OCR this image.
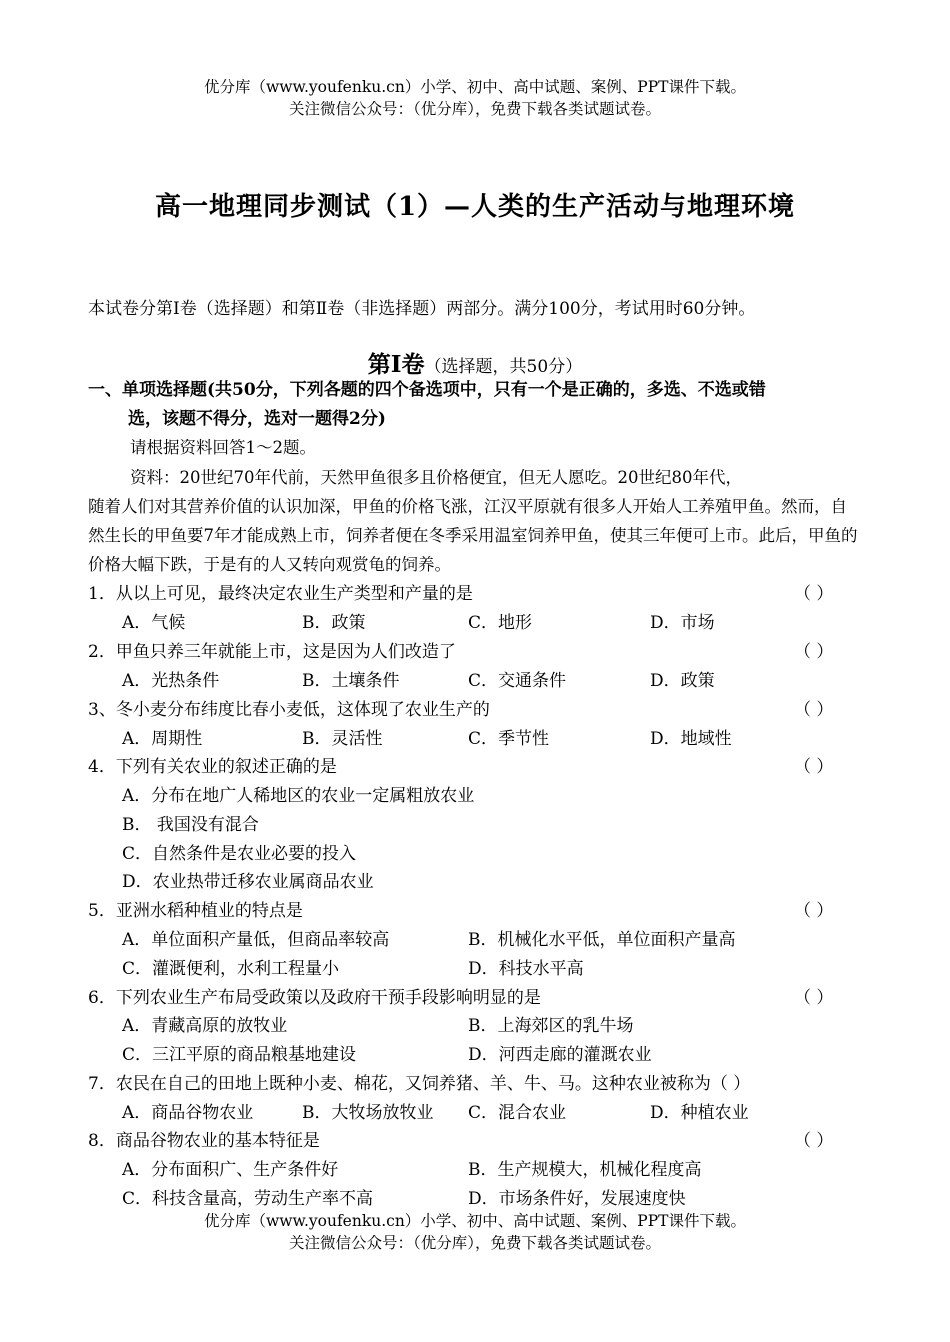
优分库（www.youfenku.cn）小学、初中、高中试题、案例、PPT课件下载。
关注微信公众号：（优分库），免费下载各类试题试卷。
高一地理同步测试（1）—人类的生产活动与地理环境
本试卷分第Ⅰ卷（选择题）和第Ⅱ卷（非选择题）两部分。满分100分，考试用时60分钟。
第Ⅰ卷（选择题，共50分）
一、单项选择题(共50分，下列各题的四个备选项中，只有一个是正确的，多选、不选或错
选，该题不得分，选对一题得2分)
请根据资料回答1～2题。
资料：20世纪70年代前，天然甲鱼很多且价格便宜，但无人愿吃。20世纪80年代，
随着人们对其营养价值的认识加深，甲鱼的价格飞涨，江汉平原就有很多人开始人工养殖甲鱼。然而，自然生长的甲鱼要7年才能成熟上市，饲养者便在冬季采用温室饲养甲鱼，使其三年便可上市。此后，甲鱼的价格大幅下跌，于是有的人又转向观赏龟的饲养。
1．从以上可见，最终决定农业生产类型和产量的是	（ ）
A．气候	B．政策	C．地形	D．市场
2．甲鱼只养三年就能上市，这是因为人们改造了	（ ）
A．光热条件	B．土壤条件	C．交通条件	D．政策
3、冬小麦分布纬度比春小麦低，这体现了农业生产的	（ ）
A．周期性	B．灵活性	C．季节性	D．地域性
4．下列有关农业的叙述正确的是	（ ）
A．分布在地广人稀地区的农业一定属粗放农业
B． 我国没有混合
C．自然条件是农业必要的投入
D．农业热带迁移农业属商品农业
5．亚洲水稻种植业的特点是	（ ）
A．单位面积产量低，但商品率较高	B．机械化水平低，单位面积产量高
C．灌溉便利，水利工程量小	D．科技水平高
6．下列农业生产布局受政策以及政府干预手段影响明显的是	（ ）
A．青藏高原的放牧业	B．上海郊区的乳牛场
C．三江平原的商品粮基地建设	D．河西走廊的灌溉农业
7．农民在自己的田地上既种小麦、棉花，又饲养猪、羊、牛、马。这种农业被称为（ ）
A．商品谷物农业	B．大牧场放牧业 C．混合农业	D．种植农业
8．商品谷物农业的基本特征是	（ ）
A．分布面积广、生产条件好	B．生产规模大，机械化程度高
C．科技含量高，劳动生产率不高	D．市场条件好，发展速度快
优分库（www.youfenku.cn）小学、初中、高中试题、案例、PPT课件下载。
关注微信公众号：（优分库），免费下载各类试题试卷。
